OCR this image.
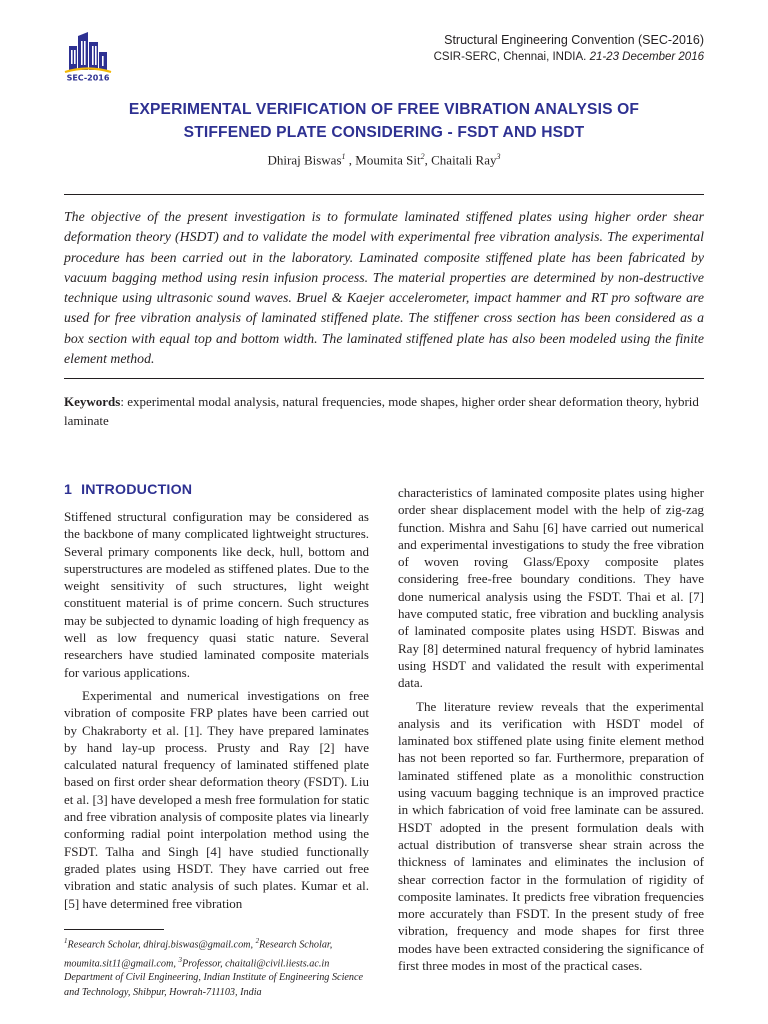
SEC-2016
Structural Engineering Convention (SEC-2016)
CSIR-SERC, Chennai, INDIA. 21-23 December 2016
EXPERIMENTAL VERIFICATION OF FREE VIBRATION ANALYSIS OF
STIFFENED PLATE CONSIDERING - FSDT AND HSDT
Dhiraj Biswas$^1$ , Moumita Sit$^2$, Chaitali Ray$^3$

The objective of the present investigation is to formulate laminated stiffened plates using higher order shear deformation theory (HSDT) and to validate the model with experimental free vibration analysis. The experimental procedure has been carried out in the laboratory. Laminated composite stiffened plate has been fabricated by vacuum bagging method using resin infusion process. The material properties are determined by non-destructive technique using ultrasonic sound waves. Bruel & Kaejer accelerometer, impact hammer and RT pro software are used for free vibration analysis of laminated stiffened plate. The stiffener cross section has been considered as a box section with equal top and bottom width. The laminated stiffened plate has also been modeled using the finite element method.

Keywords: experimental modal analysis, natural frequencies, mode shapes, higher order shear deformation theory, hybrid laminate

1 INTRODUCTION

Stiffened structural configuration may be considered as the backbone of many complicated lightweight structures. Several primary components like deck, hull, bottom and superstructures are modeled as stiffened plates. Due to the weight sensitivity of such structures, light weight constituent material is of prime concern. Such structures may be subjected to dynamic loading of high frequency as well as low frequency quasi static nature. Several researchers have studied laminated composite materials for various applications.

Experimental and numerical investigations on free vibration of composite FRP plates have been carried out by Chakraborty et al. [1]. They have prepared laminates by hand lay-up process. Prusty and Ray [2] have calculated natural frequency of laminated stiffened plate based on first order shear deformation theory (FSDT). Liu et al. [3] have developed a mesh free formulation for static and free vibration analysis of composite plates via linearly conforming radial point interpolation method using the FSDT. Talha and Singh [4] have studied functionally graded plates using HSDT. They have carried out free vibration and static analysis of such plates. Kumar et al. [5] have determined free vibration

characteristics of laminated composite plates using higher order shear displacement model with the help of zig-zag function. Mishra and Sahu [6] have carried out numerical and experimental investigations to study the free vibration of woven roving Glass/Epoxy composite plates considering free-free boundary conditions. They have done numerical analysis using the FSDT. Thai et al. [7] have computed static, free vibration and buckling analysis of laminated composite plates using HSDT. Biswas and Ray [8] determined natural frequency of hybrid laminates using HSDT and validated the result with experimental data.

The literature review reveals that the experimental analysis and its verification with HSDT model of laminated box stiffened plate using finite element method has not been reported so far. Furthermore, preparation of laminated stiffened plate as a monolithic construction using vacuum bagging technique is an improved practice in which fabrication of void free laminate can be assured. HSDT adopted in the present formulation deals with actual distribution of transverse shear strain across the thickness of laminates and eliminates the inclusion of shear correction factor in the formulation of rigidity of composite laminates. It predicts free vibration frequencies more accurately than FSDT. In the present study of free vibration, frequency and mode shapes for first three modes have been extracted considering the significance of first three modes in most of the practical cases.

$^1$Research Scholar, dhiraj.biswas@gmail.com, $^2$Research Scholar, moumita.sit11@gmail.com, $^3$Professor, chaitali@civil.iiests.ac.in Department of Civil Engineering, Indian Institute of Engineering Science and Technology, Shibpur, Howrah-711103, India
